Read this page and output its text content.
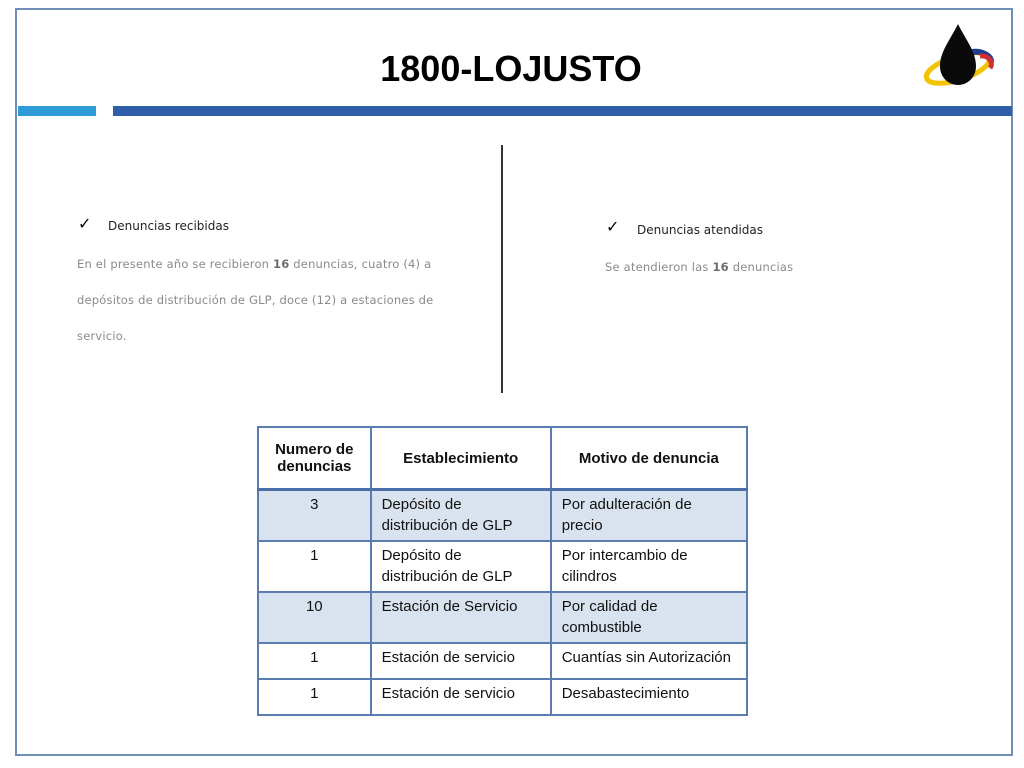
1800-LOJUSTO
✓ Denuncias recibidas
En el presente año se recibieron 16 denuncias, cuatro (4) a
depósitos de distribución de GLP, doce (12) a estaciones de
servicio.
✓ Denuncias atendidas
Se atendieron las 16 denuncias
Numero de denuncias	Establecimiento	Motivo de denuncia
3	Depósito de distribución de GLP	Por adulteración de precio
1	Depósito de distribución de GLP	Por intercambio de cilindros
10	Estación de Servicio	Por calidad de combustible
1	Estación de servicio	Cuantías sin Autorización
1	Estación de servicio	Desabastecimiento
